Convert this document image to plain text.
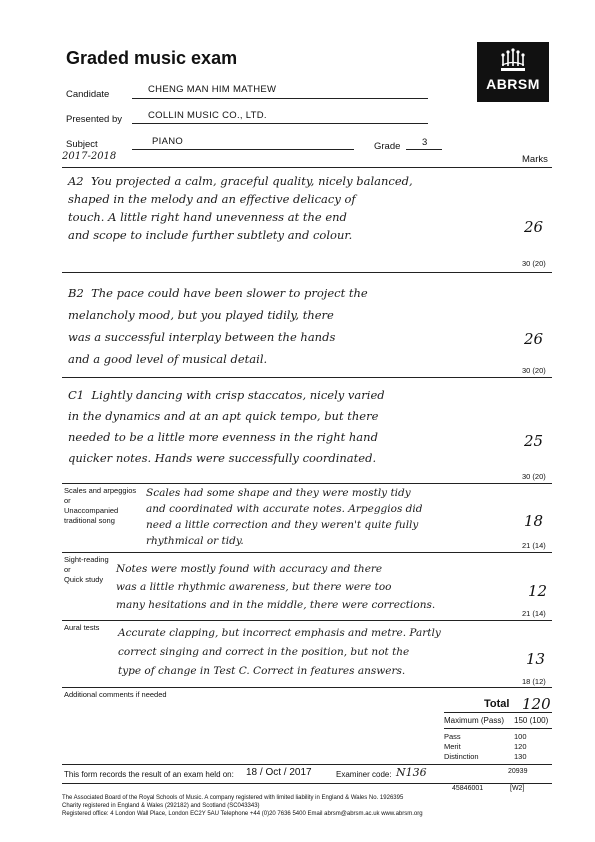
Graded music exam
ABRSM
Candidate	CHENG MAN HIM MATHEW
Presented by	COLLIN MUSIC CO., LTD.
Subject	PIANO	Grade 3
2017-2018	Marks
A2 You projected a calm, graceful quality, nicely balanced,
shaped in the melody and an effective delicacy of
touch. A little right hand unevenness at the end
and scope to include further subtlety and colour.	26
30 (20)
B2 The pace could have been slower to project the
melancholy mood, but you played tidily, there
was a successful interplay between the hands
and a good level of musical detail.
26
30 (20)
C1 Lightly dancing with crisp staccatos, nicely varied
in the dynamics and at an apt quick tempo, but there
needed to be a little more evenness in the right hand
quicker notes. Hands were successfully coordinated.
25
30 (20)
Scales and arpeggios
or
Unaccompanied
traditional song
Scales had some shape and they were mostly tidy
and coordinated with accurate notes. Arpeggios did
need a little correction and they weren't quite fully
rhythmical or tidy.
18
21 (14)
Sight-reading
or
Quick study
Notes were mostly found with accuracy and there
was a little rhythmic awareness, but there were too
many hesitations and in the middle, there were corrections.
12
21 (14)
Aural tests	Accurate clapping, but incorrect emphasis and metre. Partly
correct singing and correct in the position, but not the
type of change in Test C. Correct in features answers.
13
18 (12)
Additional comments if needed
Total 120
Maximum (Pass) 150 (100)
Pass	100
Merit	120
Distinction	130
This form records the result of an exam held on: 18 / Oct / 2017	Examiner code: N136	20939
45846001	[W2]
The Associated Board of the Royal Schools of Music. A company registered with limited liability in England & Wales No. 1926395
Charity registered in England & Wales (292182) and Scotland (SC043343)
Registered office: 4 London Wall Place, London EC2Y 5AU Telephone +44 (0)20 7636 5400 Email abrsm@abrsm.ac.uk www.abrsm.org
